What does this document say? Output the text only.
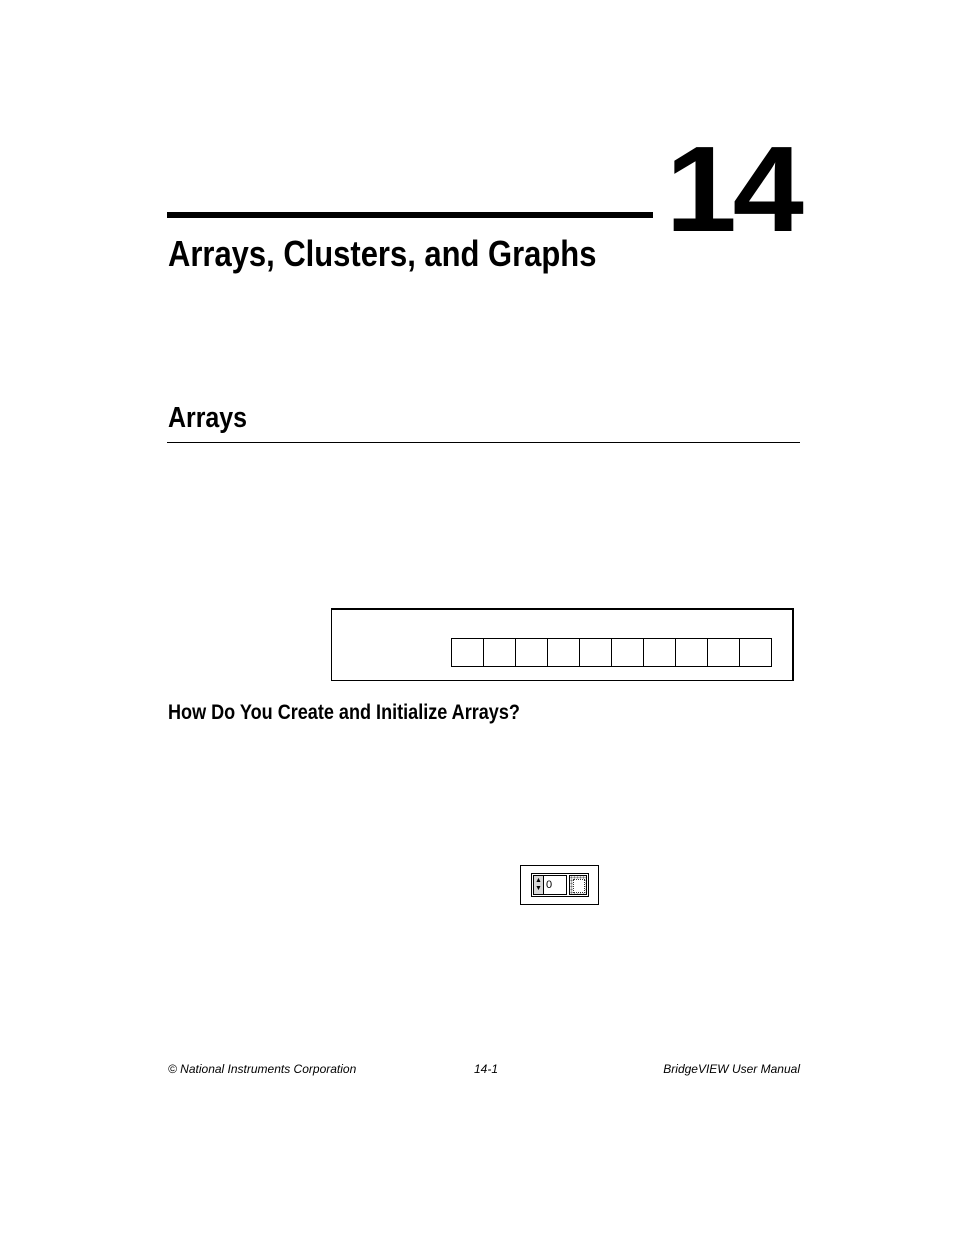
14
Arrays, Clusters, and Graphs
Arrays
How Do You Create and Initialize Arrays?
▲
▼ 0
© National Instruments Corporation	14-1	BridgeVIEW User Manual
